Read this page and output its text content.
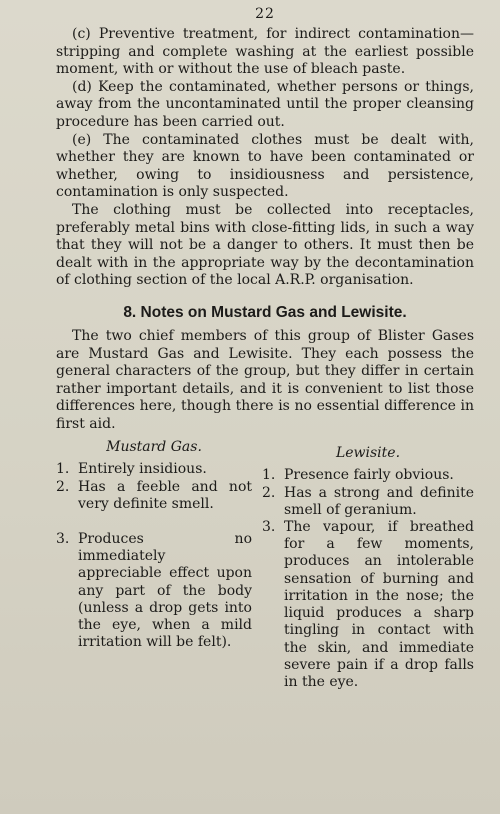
22

(c) Preventive treatment, for indirect contamination—stripping and complete washing at the earliest possible moment, with or without the use of bleach paste.

(d) Keep the contaminated, whether persons or things, away from the uncontaminated until the proper cleansing procedure has been carried out.

(e) The contaminated clothes must be dealt with, whether they are known to have been contaminated or whether, owing to insidiousness and persistence, contamination is only suspected.

The clothing must be collected into receptacles, preferably metal bins with close-fitting lids, in such a way that they will not be a danger to others. It must then be dealt with in the appropriate way by the decontamination of clothing section of the local A.R.P. organisation.

8. Notes on Mustard Gas and Lewisite.

The two chief members of this group of Blister Gases are Mustard Gas and Lewisite. They each possess the general characters of the group, but they differ in certain rather important details, and it is convenient to list those differences here, though there is no essential difference in first aid.

Mustard Gas.

1. Entirely insidious.

2. Has a feeble and not very definite smell.

3. Produces no immediately appreciable effect upon any part of the body (unless a drop gets into the eye, when a mild irritation will be felt).

Lewisite.

1. Presence fairly obvious.

2. Has a strong and definite smell of geranium.

3. The vapour, if breathed for a few moments, produces an intolerable sensation of burning and irritation in the nose; the liquid produces a sharp tingling in contact with the skin, and immediate severe pain if a drop falls in the eye.
